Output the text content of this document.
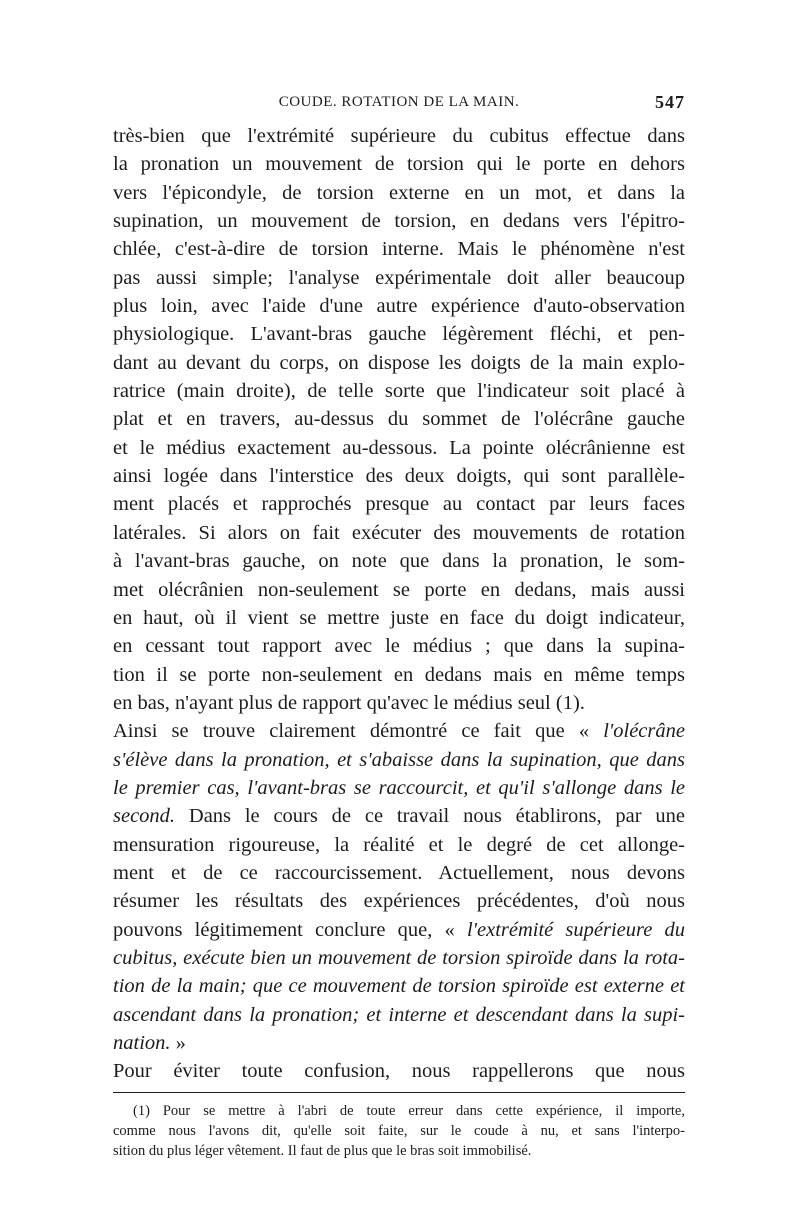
COUDE. ROTATION DE LA MAIN.	547
très-bien que l'extrémité supérieure du cubitus effectue dans
la pronation un mouvement de torsion qui le porte en dehors
vers l'épicondyle, de torsion externe en un mot, et dans la
supination, un mouvement de torsion, en dedans vers l'épitro-
chlée, c'est-à-dire de torsion interne. Mais le phénomène n'est
pas aussi simple; l'analyse expérimentale doit aller beaucoup
plus loin, avec l'aide d'une autre expérience d'auto-observation
physiologique. L'avant-bras gauche légèrement fléchi, et pen-
dant au devant du corps, on dispose les doigts de la main explo-
ratrice (main droite), de telle sorte que l'indicateur soit placé à
plat et en travers, au-dessus du sommet de l'olécrâne gauche
et le médius exactement au-dessous. La pointe olécrânienne est
ainsi logée dans l'interstice des deux doigts, qui sont parallèle-
ment placés et rapprochés presque au contact par leurs faces
latérales. Si alors on fait exécuter des mouvements de rotation
à l'avant-bras gauche, on note que dans la pronation, le som-
met olécrânien non-seulement se porte en dedans, mais aussi
en haut, où il vient se mettre juste en face du doigt indicateur,
en cessant tout rapport avec le médius ; que dans la supina-
tion il se porte non-seulement en dedans mais en même temps
en bas, n'ayant plus de rapport qu'avec le médius seul (1).
Ainsi se trouve clairement démontré ce fait que « l'olécrâne
s'élève dans la pronation, et s'abaisse dans la supination, que dans
le premier cas, l'avant-bras se raccourcit, et qu'il s'allonge dans le
second. Dans le cours de ce travail nous établirons, par une
mensuration rigoureuse, la réalité et le degré de cet allonge-
ment et de ce raccourcissement. Actuellement, nous devons
résumer les résultats des expériences précédentes, d'où nous
pouvons légitimement conclure que, « l'extrémité supérieure du
cubitus, exécute bien un mouvement de torsion spiroïde dans la rota-
tion de la main; que ce mouvement de torsion spiroïde est externe et
ascendant dans la pronation; et interne et descendant dans la supi-
nation. »
Pour éviter toute confusion, nous rappellerons que nous
(1) Pour se mettre à l'abri de toute erreur dans cette expérience, il importe,
comme nous l'avons dit, qu'elle soit faite, sur le coude à nu, et sans l'interpo-
sition du plus léger vêtement. Il faut de plus que le bras soit immobilisé.
